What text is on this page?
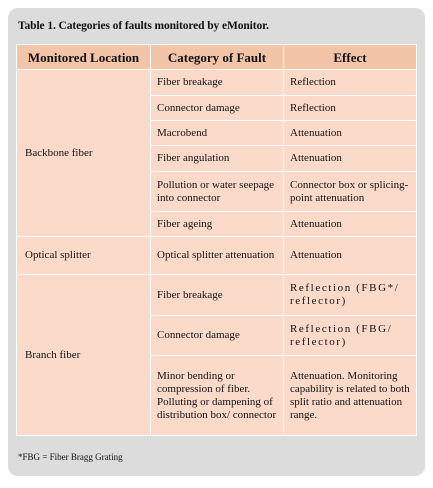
Table 1. Categories of faults monitored by eMonitor.
Monitored Location	Category of Fault	Effect
Backbone fiber	Fiber breakage	Reflection
	Connector damage	Reflection
	Macrobend	Attenuation
	Fiber angulation	Attenuation
	Pollution or water seepage into connector	Connector box or splicing-point attenuation
	Fiber ageing	Attenuation
Optical splitter	Optical splitter attenuation	Attenuation
Branch fiber	Fiber breakage	Reflection (FBG*/ reflector)
	Connector damage	Reflection (FBG/ reflector)
	Minor bending or compression of fiber. Polluting or dampening of distribution box/ connector	Attenuation. Monitoring capability is related to both split ratio and attenuation range.
*FBG = Fiber Bragg Grating
